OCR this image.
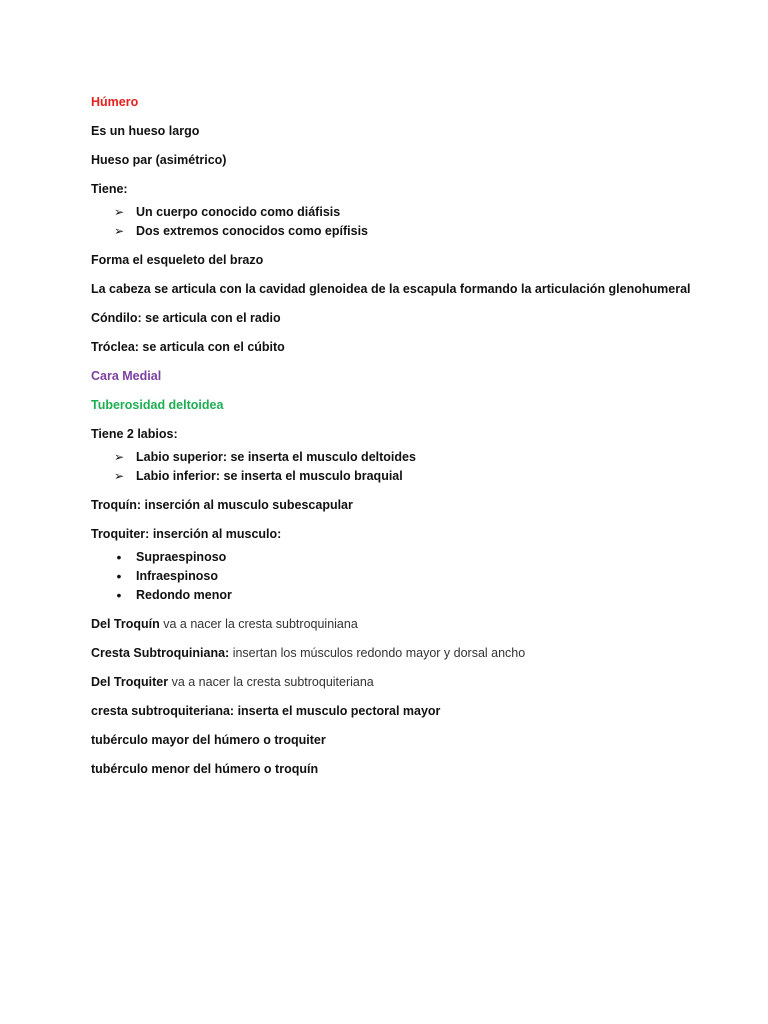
Húmero

Es un hueso largo

Hueso par (asimétrico)

Tiene:

➢ Un cuerpo conocido como diáfisis
➢ Dos extremos conocidos como epífisis

Forma el esqueleto del brazo

La cabeza se articula con la cavidad glenoidea de la escapula formando la articulación glenohumeral

Cóndilo: se articula con el radio

Tróclea: se articula con el cúbito

Cara Medial

Tuberosidad deltoidea

Tiene 2 labios:

➢ Labio superior: se inserta el musculo deltoides
➢ Labio inferior: se inserta el musculo braquial

Troquín: inserción al musculo subescapular

Troquiter: inserción al musculo:

•	Supraespinoso
•	Infraespinoso
•	Redondo menor

Del Troquín va a nacer la cresta subtroquiniana

Cresta Subtroquiniana: insertan los músculos redondo mayor y dorsal ancho

Del Troquiter va a nacer la cresta subtroquiteriana

cresta subtroquiteriana: inserta el musculo pectoral mayor

tubérculo mayor del húmero o troquiter

tubérculo menor del húmero o troquín
